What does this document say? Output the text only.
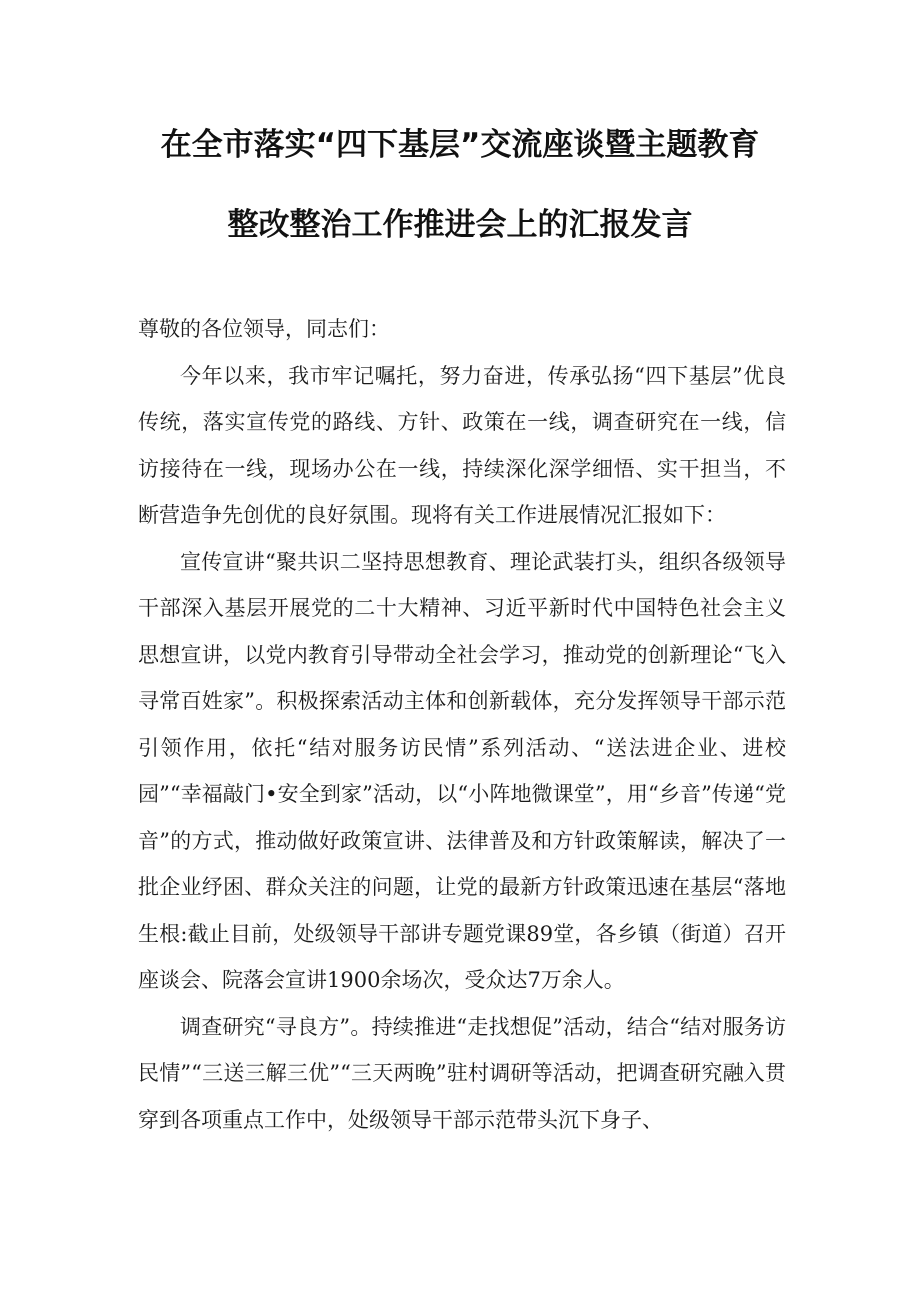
在全市落实“四下基层”交流座谈暨主题教育
整改整治工作推进会上的汇报发言

尊敬的各位领导，同志们：

今年以来，我市牢记嘱托，努力奋进，传承弘扬“四下基层”优良传统，落实宣传党的路线、方针、政策在一线，调查研究在一线，信访接待在一线，现场办公在一线，持续深化深学细悟、实干担当，不断营造争先创优的良好氛围。现将有关工作进展情况汇报如下：

宣传宣讲“聚共识二坚持思想教育、理论武装打头，组织各级领导干部深入基层开展党的二十大精神、习近平新时代中国特色社会主义思想宣讲，以党内教育引导带动全社会学习，推动党的创新理论“飞入寻常百姓家”。积极探索活动主体和创新载体，充分发挥领导干部示范引领作用，依托“结对服务访民情”系列活动、“送法进企业、进校园”“幸福敲门•安全到家”活动，以“小阵地微课堂”，用“乡音”传递“党音”的方式，推动做好政策宣讲、法律普及和方针政策解读，解决了一批企业纾困、群众关注的问题，让党的最新方针政策迅速在基层“落地生根:截止目前，处级领导干部讲专题党课89堂，各乡镇（街道）召开座谈会、院落会宣讲1900余场次，受众达7万余人。

调查研究“寻良方”。持续推进“走找想促”活动，结合“结对服务访民情”“三送三解三优”“三天两晚”驻村调研等活动，把调查研究融入贯穿到各项重点工作中，处级领导干部示范带头沉下身子、
